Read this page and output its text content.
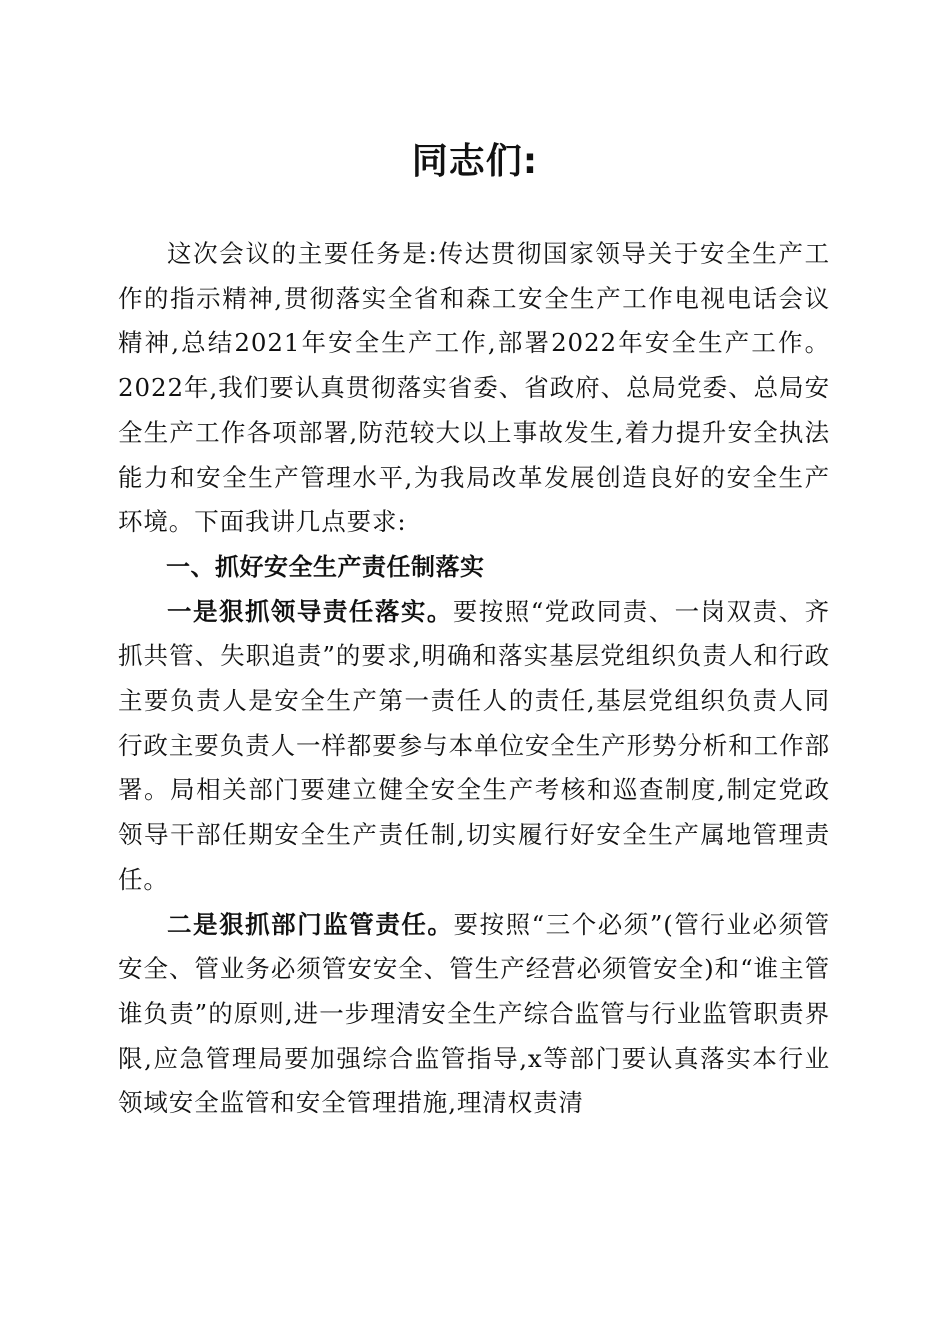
同志们:

这次会议的主要任务是:传达贯彻国家领导关于安全生产工作的指示精神,贯彻落实全省和森工安全生产工作电视电话会议精神,总结2021年安全生产工作,部署2022年安全生产工作。2022年,我们要认真贯彻落实省委、省政府、总局党委、总局安全生产工作各项部署,防范较大以上事故发生,着力提升安全执法能力和安全生产管理水平,为我局改革发展创造良好的安全生产环境。下面我讲几点要求:

一、抓好安全生产责任制落实

一是狠抓领导责任落实。要按照“党政同责、一岗双责、齐抓共管、失职追责”的要求,明确和落实基层党组织负责人和行政主要负责人是安全生产第一责任人的责任,基层党组织负责人同行政主要负责人一样都要参与本单位安全生产形势分析和工作部署。局相关部门要建立健全安全生产考核和巡查制度,制定党政领导干部任期安全生产责任制,切实履行好安全生产属地管理责任。

二是狠抓部门监管责任。要按照“三个必须”(管行业必须管安全、管业务必须管安安全、管生产经营必须管安全)和“谁主管谁负责”的原则,进一步理清安全生产综合监管与行业监管职责界限,应急管理局要加强综合监管指导,x等部门要认真落实本行业领域安全监管和安全管理措施,理清权责清
